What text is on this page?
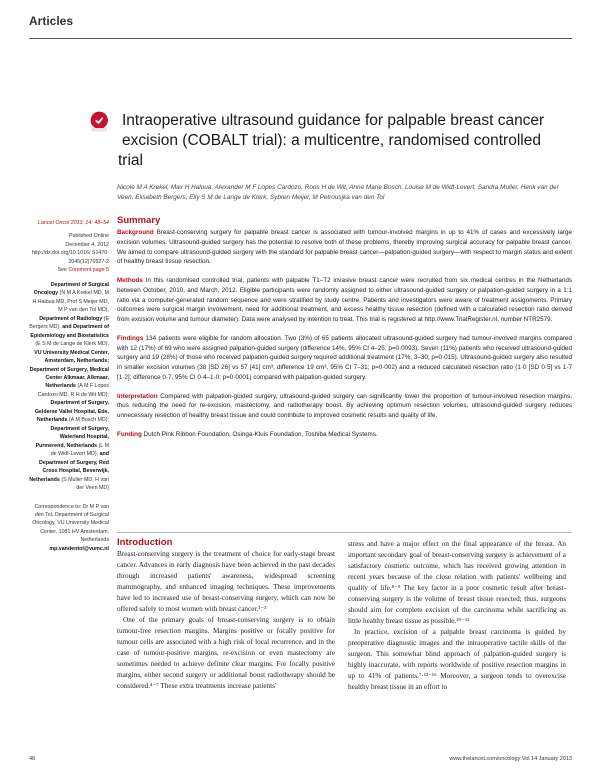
Articles
Intraoperative ultrasound guidance for palpable breast cancer excision (COBALT trial): a multicentre, randomised controlled trial
Nicole M A Krekel, Max H Haloua, Alexander M F Lopes Cardozo, Roos H de Wit, Anne Marie Bosch, Louise M de Widt-Levert, Sandra Muller, Henk van der Veen, Elisabeth Bergers, Elly S M de Lange de Klerk, Sybren Meijer, M Petrousjka van den Tol

Lancet Oncol 2013; 14: 48–54

Published Online
December 4, 2012
http://dx.doi.org/10.1016/ S1470-2045(12)70527-2
See Comment page 5
Department of Surgical Oncology (N M A Krekel MD, M H Haloua MD, Prof S Meijer MD, M P van den Tol MD), Department of Radiology (E Bergers MD), and Department of Epidemiology and Biostatistics (E S M de Lange de Klerk MD), VU University Medical Center, Amsterdam, Netherlands; Department of Surgery, Medical Center Alkmaar, Alkmaar, Netherlands (A M F Lopes Cardozo MD, R H de Wit MD); Department of Surgery, Gelderse Vallei Hospital, Ede, Netherlands (A M Bosch MD); Department of Surgery, Waterland Hospital, Purmerend, Netherlands (L M de Widt-Levert MD); and Department of Surgery, Red Cross Hospital, Beverwijk, Netherlands (S Muller MD, H van der Veen MD)
Correspondence to: Dr M P van den Tol, Department of Surgical Oncology, VU University Medical Center, 1081 HV Amsterdam, Netherlands
mp.vandentol@vumc.nl
Summary

Background Breast-conserving surgery for palpable breast cancer is associated with tumour-involved margins in up to 41% of cases and excessively large excision volumes. Ultrasound-guided surgery has the potential to resolve both of these problems, thereby improving surgical accuracy for palpable breast cancer. We aimed to compare ultrasound-guided surgery with the standard for palpable breast cancer—palpation-guided surgery—with respect to margin status and extent of healthy breast tissue resection.

Methods In this randomised controlled trial, patients with palpable T1–T2 invasive breast cancer were recruited from six medical centres in the Netherlands between October, 2010, and March, 2012. Eligible participants were randomly assigned to either ultrasound-guided surgery or palpation-guided surgery in a 1:1 ratio via a computer-generated random sequence and were stratified by study centre. Patients and investigators were aware of treatment assignments. Primary outcomes were surgical margin involvement, need for additional treatment, and excess healthy tissue resection (defined with a calculated resection ratio derived from excision volume and tumour diameter). Data were analysed by intention to treat. This trial is registered at http://www.TrialRegister.nl, number NTR2579.

Findings 134 patients were eligible for random allocation. Two (3%) of 65 patients allocated ultrasound-guided surgery had tumour-involved margins compared with 12 (17%) of 69 who were assigned palpation-guided surgery (difference 14%, 95% CI 4–25; p=0·0093). Seven (11%) patients who received ultrasound-guided surgery and 19 (28%) of those who received palpation-guided surgery required additional treatment (17%, 3–30; p=0·015). Ultrasound-guided surgery also resulted in smaller excision volumes (38 [SD 26] vs 57 [41] cm³; difference 19 cm³, 95% CI 7–31; p=0·002) and a reduced calculated resection ratio (1·0 [SD 0·5] vs 1·7 [1·2]; difference 0·7, 95% CI 0·4–1·0; p=0·0001) compared with palpation-guided surgery.

Interpretation Compared with palpation-guided surgery, ultrasound-guided surgery can significantly lower the proportion of tumour-involved resection margins, thus reducing the need for re-excision, mastectomy, and radiotherapy boost. By achieving optimum resection volumes, ultrasound-guided surgery reduces unnecessary resection of healthy breast tissue and could contribute to improved cosmetic results and quality of life.

Funding Dutch Pink Ribbon Foundation, Osinga-Kluis Foundation, Toshiba Medical Systems.

Introduction

Breast-conserving surgery is the treatment of choice for early-stage breast cancer. Advances in early diagnosis have been achieved in the past decades through increased patients' awareness, widespread screening mammography, and enhanced imaging techniques. These improvements have led to increased use of breast-conserving surgery, which can now be offered safely to most women with breast cancer.¹⁻³

One of the primary goals of breast-conserving surgery is to obtain tumour-free resection margins. Margins positive or focally positive for tumour cells are associated with a high risk of local recurrence, and in the case of tumour-positive margins, re-excision or even mastectomy are sometimes needed to achieve definite clear margins. For focally positive margins, either second surgery or additional boost radiotherapy should be considered.⁴⁻⁷ These extra treatments increase patients'

stress and have a major effect on the final appearance of the breast. An important secondary goal of breast-conserving surgery is achievement of a satisfactory cosmetic outcome, which has received growing attention in recent years because of the close relation with patients' wellbeing and quality of life.⁸⁻⁹ The key factor in a poor cosmetic result after breast-conserving surgery is the volume of breast tissue resected; thus, surgeons should aim for complete excision of the carcinoma while sacrificing as little healthy breast tissue as possible.¹⁰⁻¹¹

In practice, excision of a palpable breast carcinoma is guided by preoperative diagnostic images and the intraoperative tactile skills of the surgeon. This somewhat blind approach of palpation-guided surgery is highly inaccurate, with reports worldwide of positive resection margins in up to 41% of patients.⁷·¹²⁻¹⁶ Moreover, a surgeon tends to overexcise healthy breast tissue in an effort to

48	www.thelancet.com/oncology Vol 14 January 2013
